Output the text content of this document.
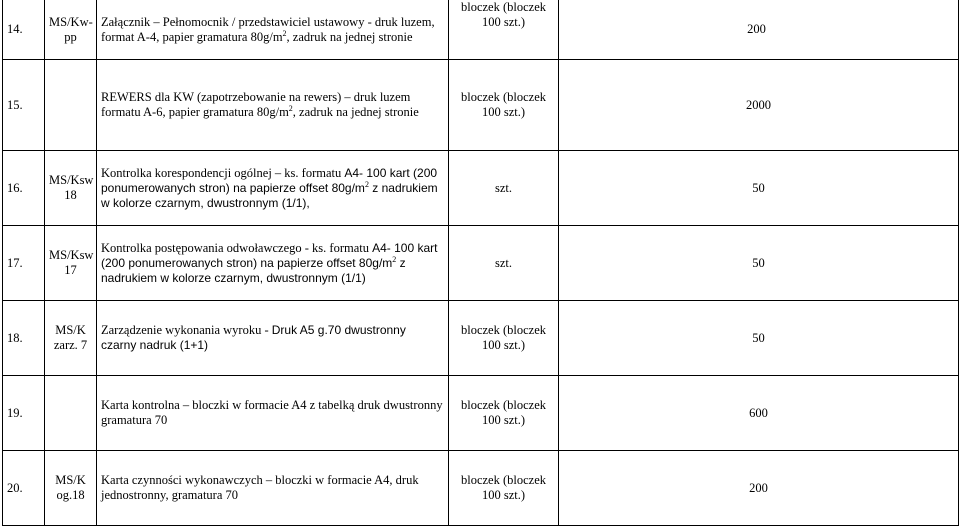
14.	MS/Kw-pp	Załącznik – Pełnomocnik / przedstawiciel ustawowy - druk luzem, format A-4, papier gramatura $80g/m^2$, zadruk na jednej stronie	bloczek (bloczek 100 szt.)	200
15.		REWERS dla KW (zapotrzebowanie na rewers) – druk luzem formatu A-6, papier gramatura $80g/m^2$, zadruk na jednej stronie	bloczek (bloczek 100 szt.)	2000
16.	MS/Ksw 18	Kontrolka korespondencji ogólnej – ks. formatu A4- 100 kart (200 ponumerowanych stron) na papierze offset $80g/m^2$ z nadrukiem w kolorze czarnym, dwustronnym (1/1),	szt.	50
17.	MS/Ksw 17	Kontrolka postępowania odwoławczego - ks. formatu A4- 100 kart (200 ponumerowanych stron) na papierze offset $80g/m^2$ z nadrukiem w kolorze czarnym, dwustronnym (1/1)	szt.	50
18.	MS/K zarz. 7	Zarządzenie wykonania wyroku - Druk A5 g.70 dwustronny czarny nadruk (1+1)	bloczek (bloczek 100 szt.)	50
19.		Karta kontrolna – bloczki w formacie A4 z tabelką druk dwustronny gramatura 70	bloczek (bloczek 100 szt.)	600
20.	MS/K og.18	Karta czynności wykonawczych – bloczki w formacie A4, druk jednostronny, gramatura 70	bloczek (bloczek 100 szt.)	200
